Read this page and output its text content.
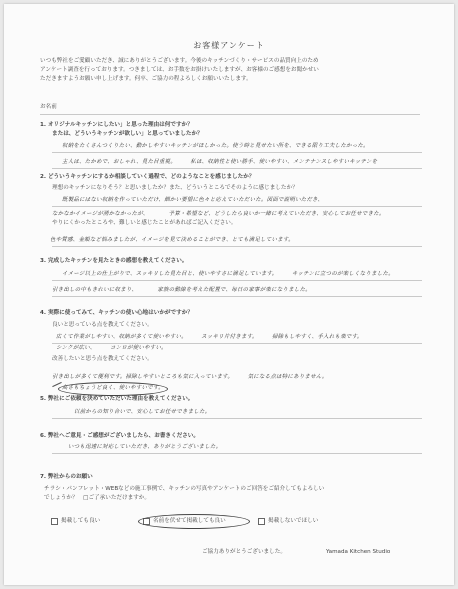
お客様アンケート
いつも弊社をご愛顧いただき、誠にありがとうございます。今後のキッチンづくり・サービスの品質向上のため
アンケート調査を行っております。つきましては、お手数をお掛けいたしますが、お客様のご感想をお聞かせい
ただきますようお願い申し上げます。何卒、ご協力の程よろしくお願いいたします。
お名前
1. オリジナルキッチンにしたい」と思った理由は何ですか？
または、どういうキッチンが欲しい」と思っていましたか？
収納をたくさんつくりたい、動かしやすいキッチンがほしかった。使う時と見せたい所を、できる限り工夫したかった。
主人は、たかめで、おしゃれ、見た目重視。　　　私は、収納性と使い勝手、使いやすい、メンテナンスしやすいキッチンを
2. どういうキッチンにするか相談していく過程で、どのようなことを感じましたか？
理想のキッチンになりそう？と思いましたか？また、どういうところでそのように感じましたか？
既製品にはない収納を作っていただけ、細かい要望に色々と応えていただいた。図面で説明いただき、
なかなかイメージが湧かなかったが、　　　　予算・希望など、どうしたら良いか一緒に考えていただき、安心してお任せできた。
やりにくかったところや、難しいと感じたことがあればご記入ください。
色や質感、金額など悩みましたが、イメージを見て決めることができ、とても満足しています。
3. 完成したキッチンを見たときの感想を教えてください。
イメージ以上の仕上がりで、スッキリした見た目と、使いやすさに満足しています。　　　キッチンに立つのが楽しくなりました。
引き出しの中もきれいに収まり、　　　　家族の動線を考えた配置で、毎日の家事が楽になりました。
4. 実際に使ってみて、キッチンの使い心地はいかがですか？
良いと思っている点を教えてください。
広くて作業がしやすい、収納が多くて使いやすい。　　　スッキリ片付きます。　　　掃除もしやすく、手入れも楽です。
シンクが広い、　　　コンロが使いやすい。
改善したいと思う点を教えてください。
引き出しが多くて便利です。掃除しやすいところも気に入っています。　　　気になる点は特にありません。
高さもちょうど良く、使いやすいです。
5. 弊社にご依頼を決めていただいた理由を教えてください。
以前からの知り合いで、安心してお任せできました。
6. 弊社へご意見・ご感想がございましたら、お書きください。
いつも迅速に対応していただき、ありがとうございました。
7. 弊社からのお願い
チラシ・パンフレット・WEBなどの施工事例で、キッチンの写真やアンケートのご回答をご紹介してもよろしい
でしょうか？　□ご了承いただけますか。
掲載しても良い	名前を伏せて掲載しても良い	掲載しないでほしい
ご協力ありがとうございました。	Yamada Kitchen Studio
